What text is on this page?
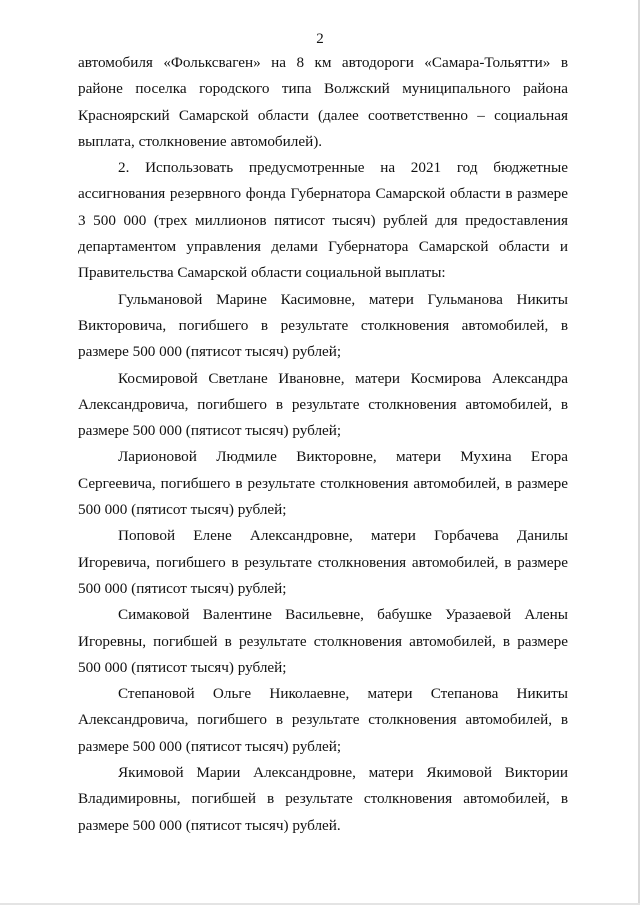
2

автомобиля «Фольксваген» на 8 км автодороги «Самара-Тольятти» в районе поселка городского типа Волжский муниципального района Красноярский Самарской области (далее соответственно – социальная выплата, столкновение автомобилей).

2. Использовать предусмотренные на 2021 год бюджетные ассигнования резервного фонда Губернатора Самарской области в размере 3 500 000 (трех миллионов пятисот тысяч) рублей для предоставления департаментом управления делами Губернатора Самарской области и Правительства Самарской области социальной выплаты:

Гульмановой Марине Касимовне, матери Гульманова Никиты Викторовича, погибшего в результате столкновения автомобилей, в размере 500 000 (пятисот тысяч) рублей;

Космировой Светлане Ивановне, матери Космирова Александра Александровича, погибшего в результате столкновения автомобилей, в размере 500 000 (пятисот тысяч) рублей;

Ларионовой Людмиле Викторовне, матери Мухина Егора Сергеевича, погибшего в результате столкновения автомобилей, в размере 500 000 (пятисот тысяч) рублей;

Поповой Елене Александровне, матери Горбачева Данилы Игоревича, погибшего в результате столкновения автомобилей, в размере 500 000 (пятисот тысяч) рублей;

Симаковой Валентине Васильевне, бабушке Уразаевой Алены Игоревны, погибшей в результате столкновения автомобилей, в размере 500 000 (пятисот тысяч) рублей;

Степановой Ольге Николаевне, матери Степанова Никиты Александровича, погибшего в результате столкновения автомобилей, в размере 500 000 (пятисот тысяч) рублей;

Якимовой Марии Александровне, матери Якимовой Виктории Владимировны, погибшей в результате столкновения автомобилей, в размере 500 000 (пятисот тысяч) рублей.
